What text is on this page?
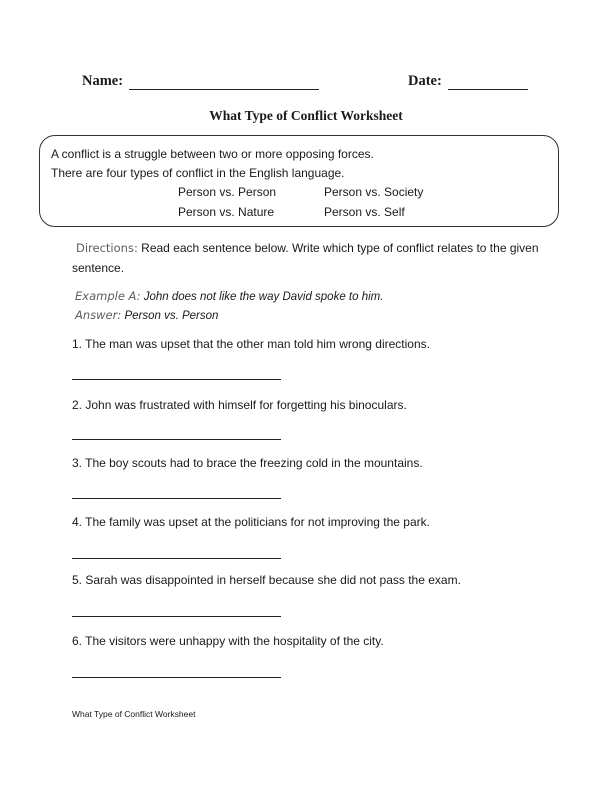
Name:	Date:
What Type of Conflict Worksheet
A conflict is a struggle between two or more opposing forces.
There are four types of conflict in the English language.
Person vs. Person	Person vs. Society
Person vs. Nature	Person vs. Self
Directions: Read each sentence below. Write which type of conflict relates to the given sentence.
Example A: John does not like the way David spoke to him.
Answer: Person vs. Person
1. The man was upset that the other man told him wrong directions.
2. John was frustrated with himself for forgetting his binoculars.
3. The boy scouts had to brace the freezing cold in the mountains.
4. The family was upset at the politicians for not improving the park.
5. Sarah was disappointed in herself because she did not pass the exam.
6. The visitors were unhappy with the hospitality of the city.
What Type of Conflict Worksheet
